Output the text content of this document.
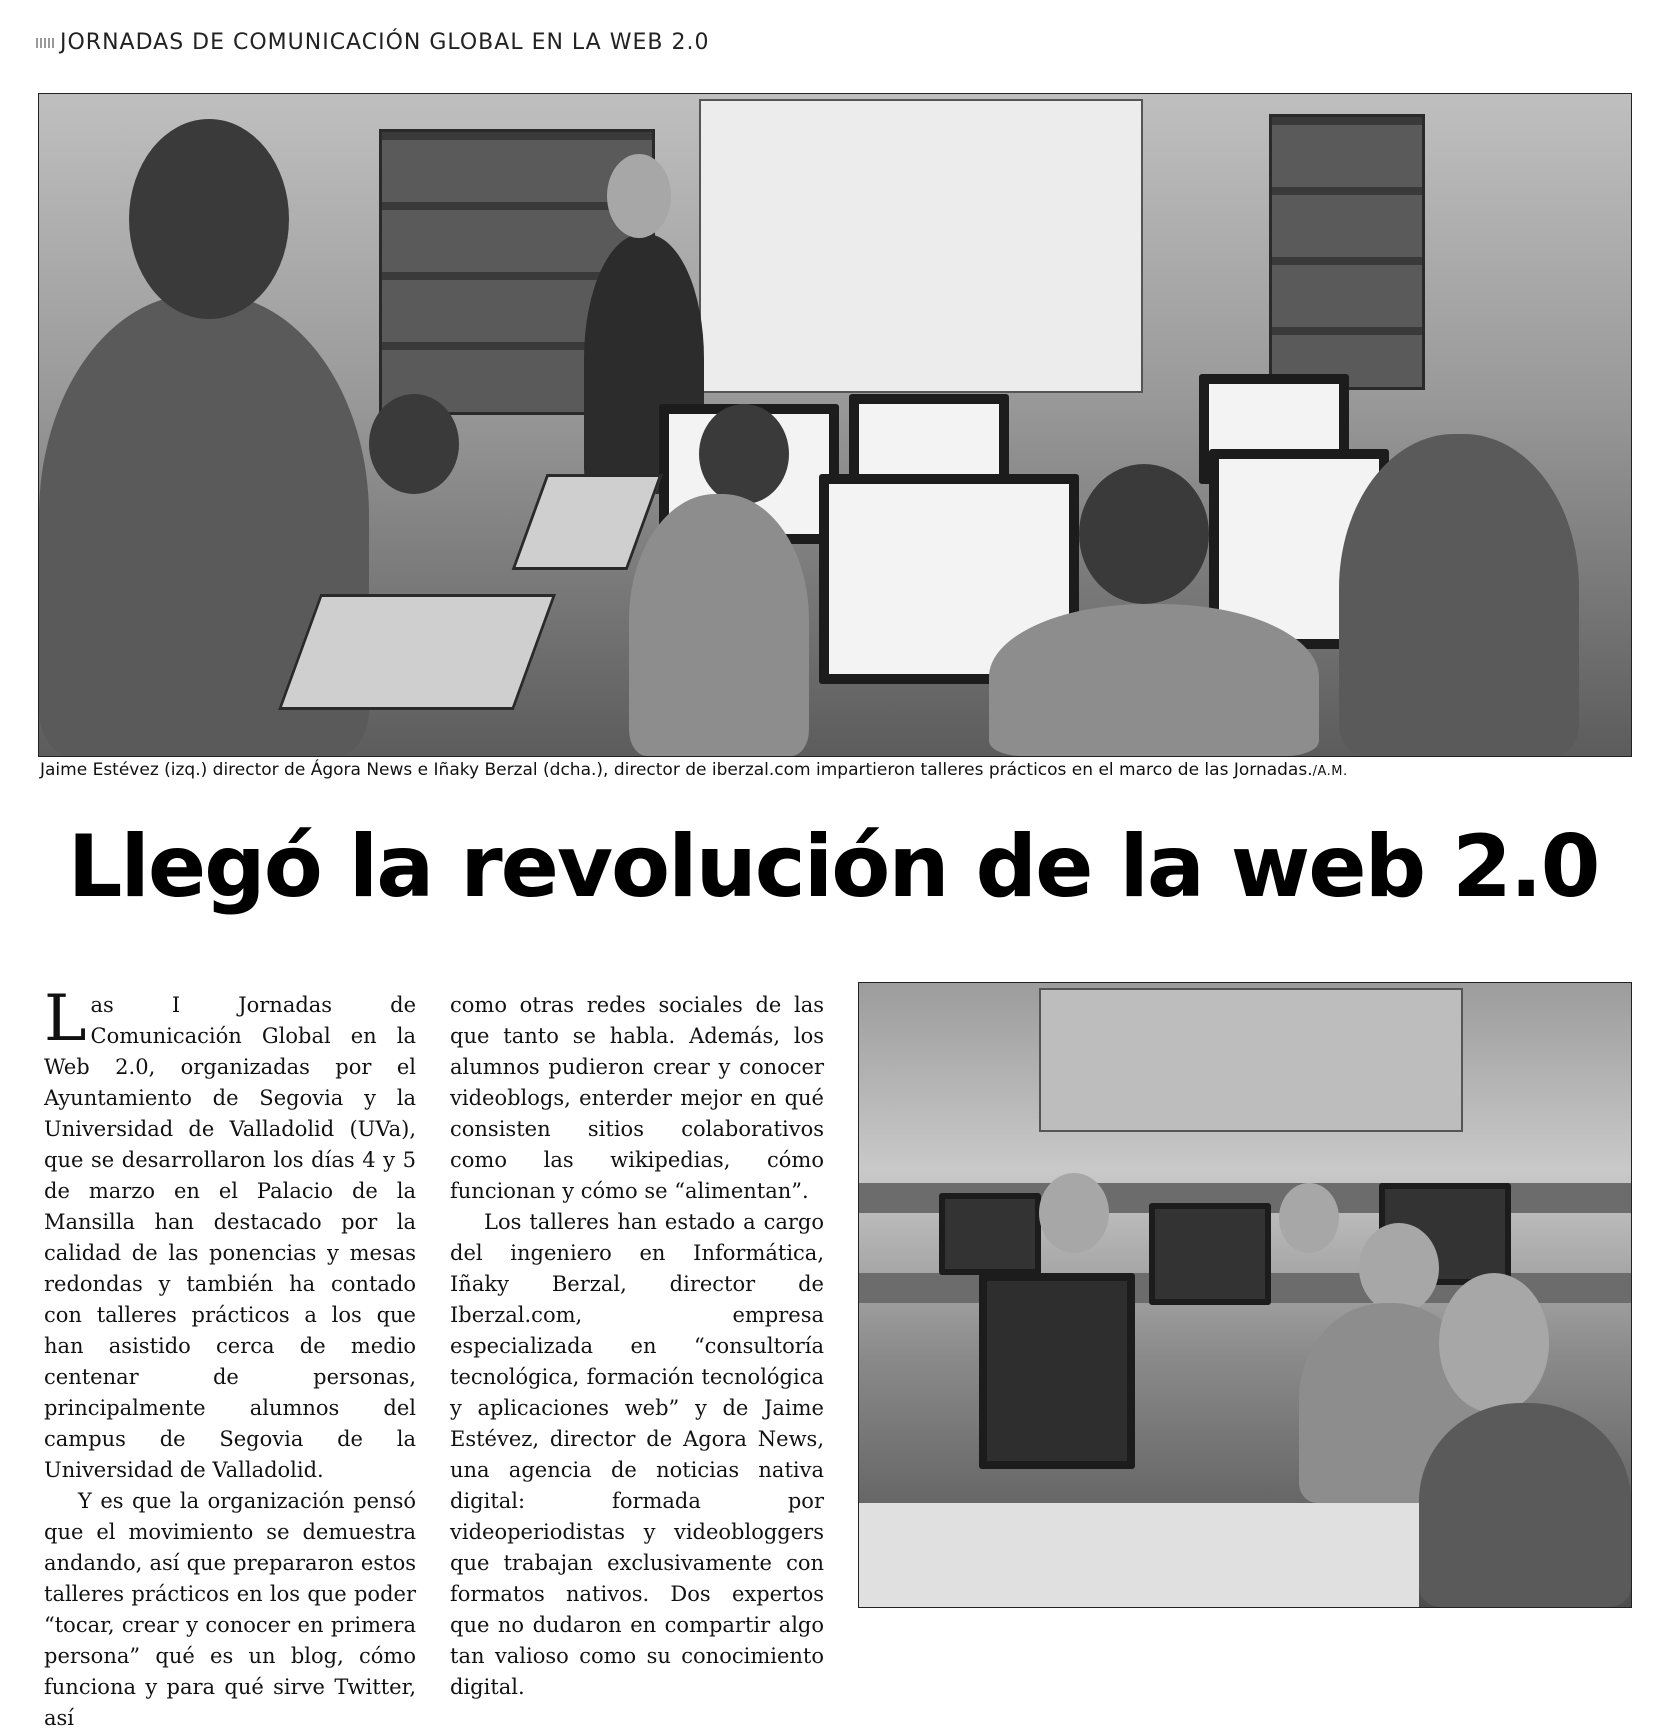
JORNADAS DE COMUNICACIÓN GLOBAL EN LA WEB 2.0
Jaime Estévez (izq.) director de Ágora News e Iñaky Berzal (dcha.), director de iberzal.com impartieron talleres prácticos en el marco de las Jornadas./A.M.
Llegó la revolución de la web 2.0

Las I Jornadas de Comunicación Global en la Web 2.0, organizadas por el Ayuntamiento de Segovia y la Universidad de Valladolid (UVa), que se desarrollaron los días 4 y 5 de marzo en el Palacio de la Mansilla han destacado por la calidad de las ponencias y mesas redondas y también ha contado con talleres prácticos a los que han asistido cerca de medio centenar de personas, principalmente alumnos del campus de Segovia de la Universidad de Valladolid.

Y es que la organización pensó que el movimiento se demuestra andando, así que prepararon estos talleres prácticos en los que poder “tocar, crear y conocer en primera persona” qué es un blog, cómo funciona y para qué sirve Twitter, así

como otras redes sociales de las que tanto se habla. Además, los alumnos pudieron crear y conocer videoblogs, enterder mejor en qué consisten sitios colaborativos como las wikipedias, cómo funcionan y cómo se “alimentan”.

Los talleres han estado a cargo del ingeniero en Informática, Iñaky Berzal, director de Iberzal.com, empresa especializada en “consultoría tecnológica, formación tecnológica y aplicaciones web” y de Jaime Estévez, director de Agora News, una agencia de noticias nativa digital: formada por videoperiodistas y videobloggers que trabajan exclusivamente con formatos nativos. Dos expertos que no dudaron en compartir algo tan valioso como su conocimiento digital.
